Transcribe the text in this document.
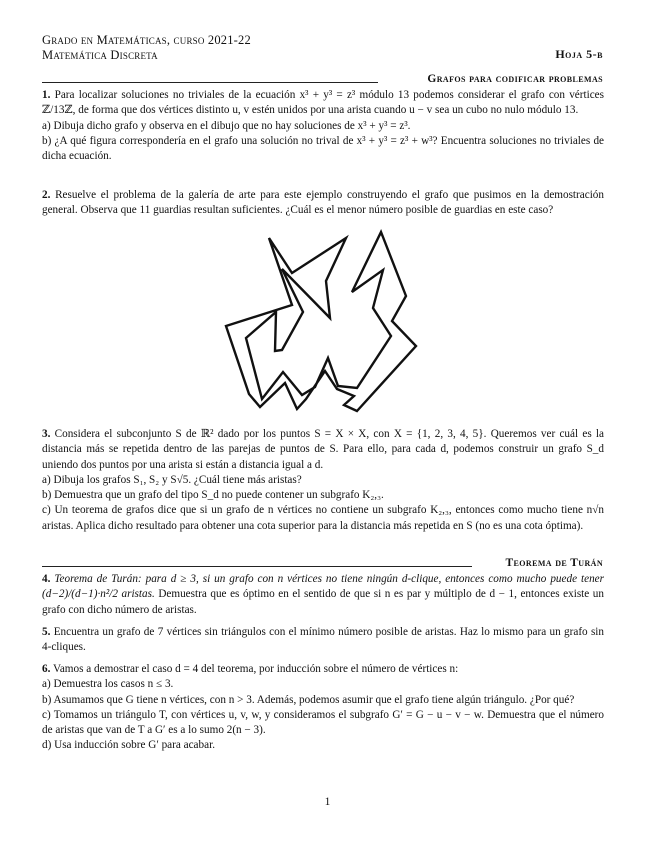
Grado en Matemáticas, curso 2021-22
Matemática Discreta	Hoja 5-b
Grafos para codificar problemas

1. Para localizar soluciones no triviales de la ecuación x³ + y³ = z³ módulo 13 podemos considerar el grafo con vértices ℤ/13ℤ, de forma que dos vértices distinto u, v estén unidos por una arista cuando u − v sea un cubo no nulo módulo 13.

a) Dibuja dicho grafo y observa en el dibujo que no hay soluciones de x³ + y³ = z³.

b) ¿A qué figura correspondería en el grafo una solución no trival de x³ + y³ = z³ + w³? Encuentra soluciones no triviales de dicha ecuación.

2. Resuelve el problema de la galería de arte para este ejemplo construyendo el grafo que pusimos en la demostración general. Observa que 11 guardias resultan suficientes. ¿Cuál es el menor número posible de guardias en este caso?

3. Considera el subconjunto S de ℝ² dado por los puntos S = X × X, con X = {1, 2, 3, 4, 5}. Queremos ver cuál es la distancia más se repetida dentro de las parejas de puntos de S. Para ello, para cada d, podemos construir un grafo S_d uniendo dos puntos por una arista si están a distancia igual a d.

a) Dibuja los grafos S₁, S₂ y S√5. ¿Cuál tiene más aristas?

b) Demuestra que un grafo del tipo S_d no puede contener un subgrafo K₂,₃.

c) Un teorema de grafos dice que si un grafo de n vértices no contiene un subgrafo K₂,₃, entonces como mucho tiene n√n aristas. Aplica dicho resultado para obtener una cota superior para la distancia más repetida en S (no es una cota óptima).

Teorema de Turán

4. Teorema de Turán: para d ≥ 3, si un grafo con n vértices no tiene ningún d-clique, entonces como mucho puede tener (d−2)/(d−1)·n²/2 aristas. Demuestra que es óptimo en el sentido de que si n es par y múltiplo de d − 1, entonces existe un grafo con dicho número de aristas.

5. Encuentra un grafo de 7 vértices sin triángulos con el mínimo número posible de aristas. Haz lo mismo para un grafo sin 4-cliques.

6. Vamos a demostrar el caso d = 4 del teorema, por inducción sobre el número de vértices n:

a) Demuestra los casos n ≤ 3.

b) Asumamos que G tiene n vértices, con n > 3. Además, podemos asumir que el grafo tiene algún triángulo. ¿Por qué?

c) Tomamos un triángulo T, con vértices u, v, w, y consideramos el subgrafo G′ = G − u − v − w. Demuestra que el número de aristas que van de T a G′ es a lo sumo 2(n − 3).

d) Usa inducción sobre G′ para acabar.

1
